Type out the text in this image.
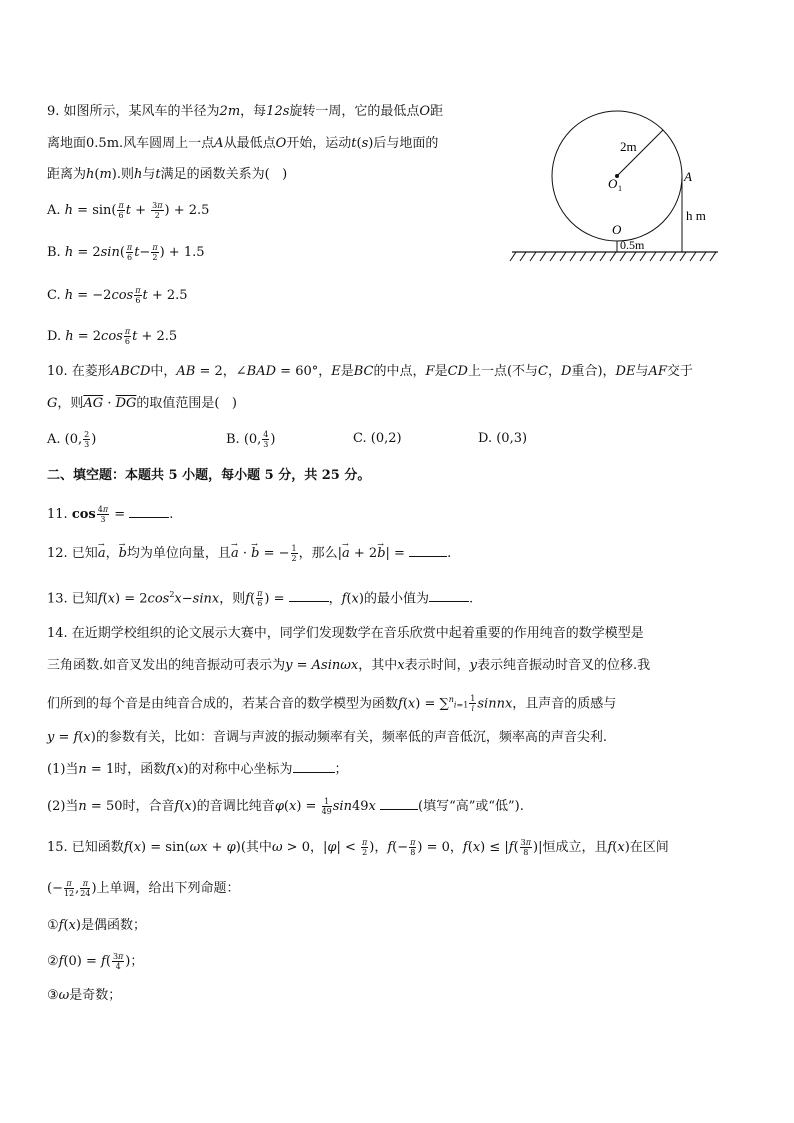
9. 如图所示，某风车的半径为2m，每12s旋转一周，它的最低点O距
离地面0.5m.风车圆周上一点A从最低点O开始，运动t(s)后与地面的
距离为h(m).则h与t满足的函数关系为(   )
A. $h = \sin( \frac{\pi}{6}$ $t + \frac{3\pi}{2}$ ) + 2.5
B. $h = 2\sin( \frac{\pi}{6} t- \frac{\pi}{2}$ ) + 1.5
C. $h = -2\cos \frac{\pi}{6}$ t + 2.5
D. $h = 2\cos \frac{\pi}{6}$ t + 2.5
2m
O 1
A
h m
O
0.5m
10. 在菱形ABCD中，AB = 2，∠BAD = 60°，E是BC的中点，F是CD上一点(不与C，D重合)，DE与AF交于
G，则$\overline{AG} \cdot \overline{DG}$的取值范围是(   )
A. (0, $\frac{2}{3}$ )	B. (0, $\frac{4}{3}$ )	C. (0,2)	D. (0,3)
二、填空题：本题共 5 小题，每小题 5 分，共 25 分。
11. $\cos \frac{4\pi}{3}$ =	.
12. 已知→ a，→ b均为单位向量，且→ a · → b = − $\frac{1}{2}$ ，那么|→ a + 2→ b| =	.
13. 已知$f(x) = 2\cos^2x-\sin x$，则$f( \frac{\pi}{6}$ ) =	，f(x)的最小值为	.
14. 在近期学校组织的论文展示大赛中，同学们发现数学在音乐欣赏中起着重要的作用纯音的数学模型是
三角函数.如音叉发出的纯音振动可表示为y = Asinωx，其中x表示时间，y表示纯音振动时音叉的位移.我
们所到的每个音是由纯音合成的，若某合音的数学模型为函数$f(x) = \sum^ni=1 \frac{1}{i}$ sinnx，且声音的质感与
y = f(x)的参数有关，比如：音调与声波的振动频率有关，频率低的声音低沉，频率高的声音尖利.
(1)当n = 1时，函数f(x)的对称中心坐标为	；
(2)当n = 50时，合音f(x)的音调比纯音$\varphi(x) = \frac{1}{49} \sin 49x$	(填写“高”或“低”).
15. 已知函数f(x) = sin(ωx + φ)(其中ω > 0，$|\varphi| < \frac{\pi}{2}$ )，$f(- \frac{\pi}{8}$ ) = 0，$f(x) \le |f( \frac{3\pi}{8}$ )|恒成立，且f(x)在区间
(− $\frac{\pi}{12}$ , $\frac{\pi}{24}$ )上单调，给出下列命题：
①f(x)是偶函数；
②f(0) = $f( \frac{3\pi}{4}$ )；
③ω是奇数；
